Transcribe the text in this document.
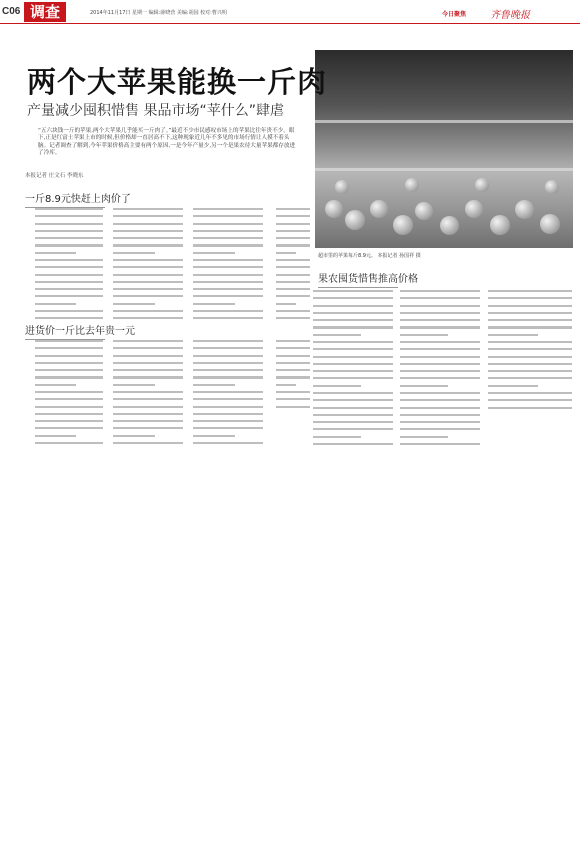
C06 调查	2014年11月17日 星期一 编辑:薛晓营 美编:胡园 校对:曹兴明	今日聚焦 齐鲁晚报
超市里的苹果每斤8.9元。 本报记者 孙国祥 摄
两个大苹果能换一斤肉
产量减少囤积惜售 果品市场“苹什么”肆虐
“五六块钱一斤的苹果,两个大苹果几乎能买一斤肉了。”最近不少市民感叹市场上的苹果比往年贵不少。眼下,正是红富士苹果上市的时候,但价格却一直居高不下,这种现象近几年不多见的市场行情让人摸不着头脑。记者调查了解到,今年苹果价格高主要有两个原因,一是今年产量少,另一个是果农待大量苹果都存放进了冷库。
本报记者 庄文石 李晓东
一斤8.9元快赶上肉价了
进货价一斤比去年贵一元
果农囤货惜售推高价格
